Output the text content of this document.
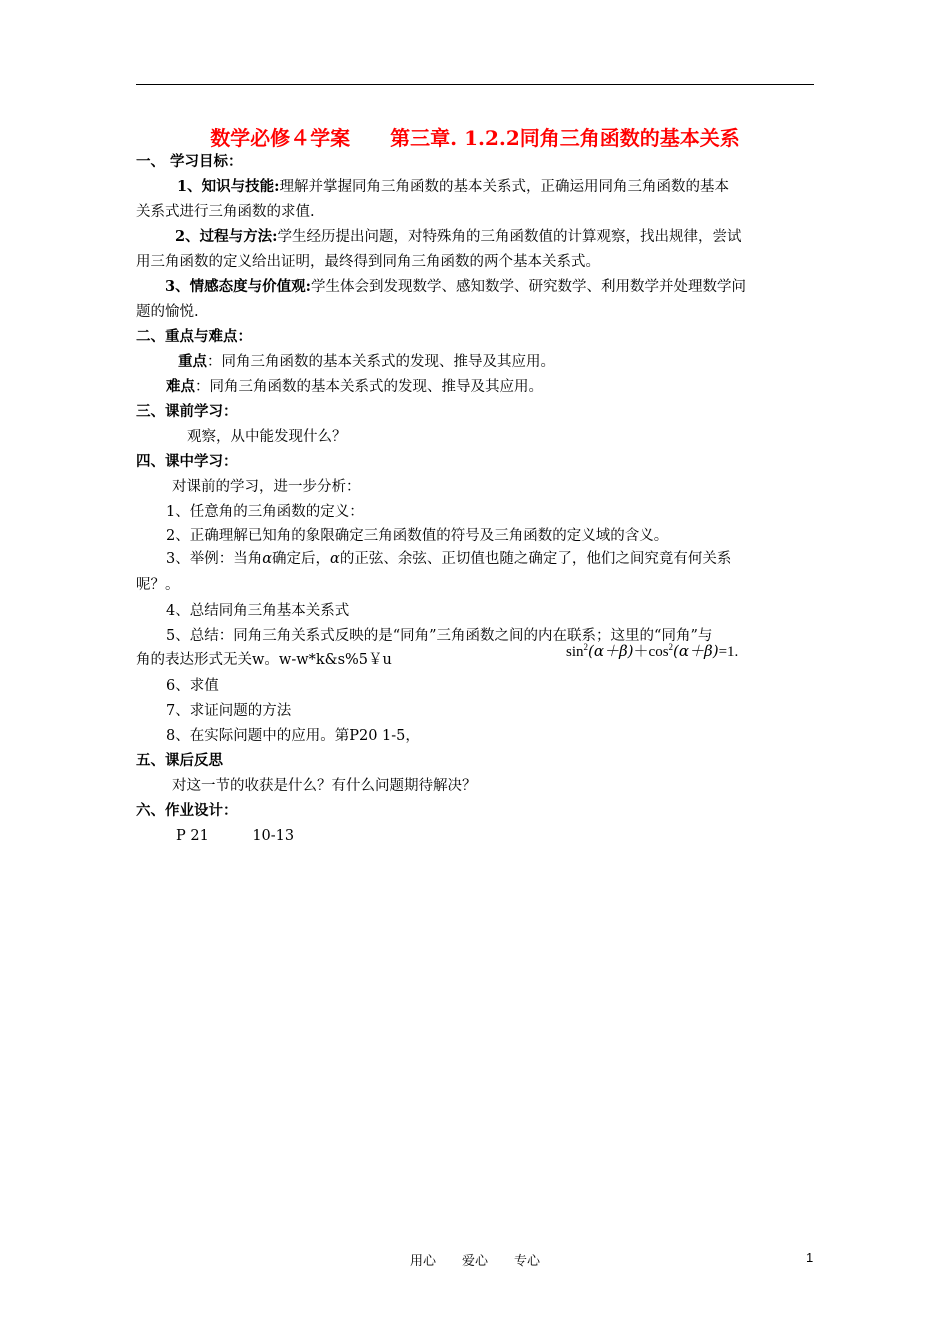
数学必修４学案　　第三章. 1.2.2同角三角函数的基本关系
一、 学习目标：
1、知识与技能:理解并掌握同角三角函数的基本关系式，正确运用同角三角函数的基本
关系式进行三角函数的求值.
2、过程与方法:学生经历提出问题，对特殊角的三角函数值的计算观察，找出规律，尝试
用三角函数的定义给出证明，最终得到同角三角函数的两个基本关系式。
3、情感态度与价值观:学生体会到发现数学、感知数学、研究数学、利用数学并处理数学问
题的愉悦.
二、重点与难点：
重点：同角三角函数的基本关系式的发现、推导及其应用。
难点：同角三角函数的基本关系式的发现、推导及其应用。
三、课前学习：
观察，从中能发现什么？
四、课中学习：
对课前的学习，进一步分析：
1、任意角的三角函数的定义：
2、正确理解已知角的象限确定三角函数值的符号及三角函数的定义域的含义。
3、举例：当角α确定后，α的正弦、余弦、正切值也随之确定了，他们之间究竟有何关系
呢？。
4、总结同角三角基本关系式
5、总结：同角三角关系式反映的是“同角”三角函数之间的内在联系；这里的“同角”与
角的表达形式无关w。w-w*k&s%5￥u	$\sin^2(\alpha+\beta)+\cos^2(\alpha+\beta)=1$.
6、求值
7、求证问题的方法
8、在实际问题中的应用。第P20 1-5，
五、课后反思
对这一节的收获是什么？有什么问题期待解决？
六、作业设计：
P 21　　　10-13
用心　　爱心　　专心	1
